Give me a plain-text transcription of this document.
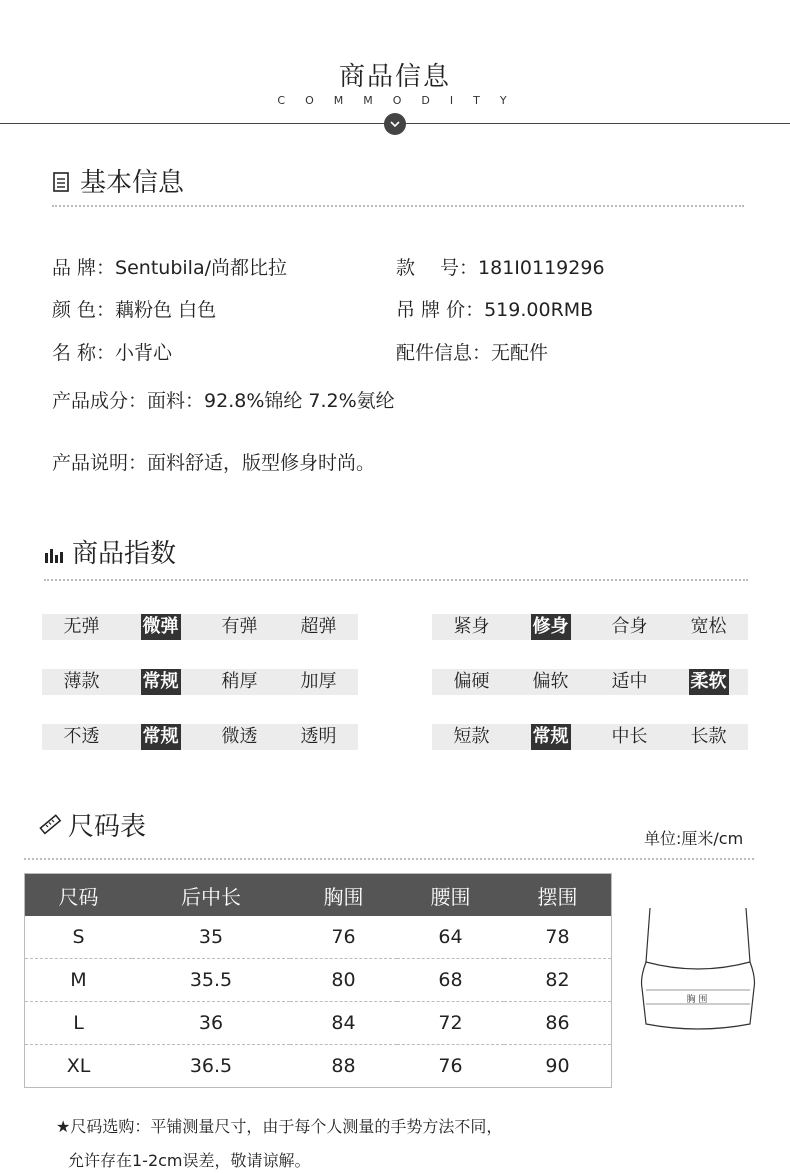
商品信息
COMMODITY
基本信息
品 牌：Sentubila/尚都比拉	款　 号：181I0119296
颜 色：藕粉色 白色	吊 牌 价：519.00RMB
名 称：小背心	配件信息：无配件
产品成分：面料：92.8%锦纶 7.2%氨纶
产品说明：面料舒适，版型修身时尚。
商品指数
无弹	微弹	有弹	超弹
薄款	常规	稍厚	加厚
不透	常规	微透	透明
紧身	修身	合身	宽松
偏硬	偏软	适中	柔软
短款	常规	中长	长款
尺码表	单位:厘米/cm
尺码	后中长	胸围	腰围	摆围
S	35	76	64	78
M	35.5	80	68	82
L	36	84	72	86
XL	36.5	88	76	90
胸 围
★尺码选购：平铺测量尺寸，由于每个人测量的手势方法不同，
允许存在1-2cm误差，敬请谅解。
